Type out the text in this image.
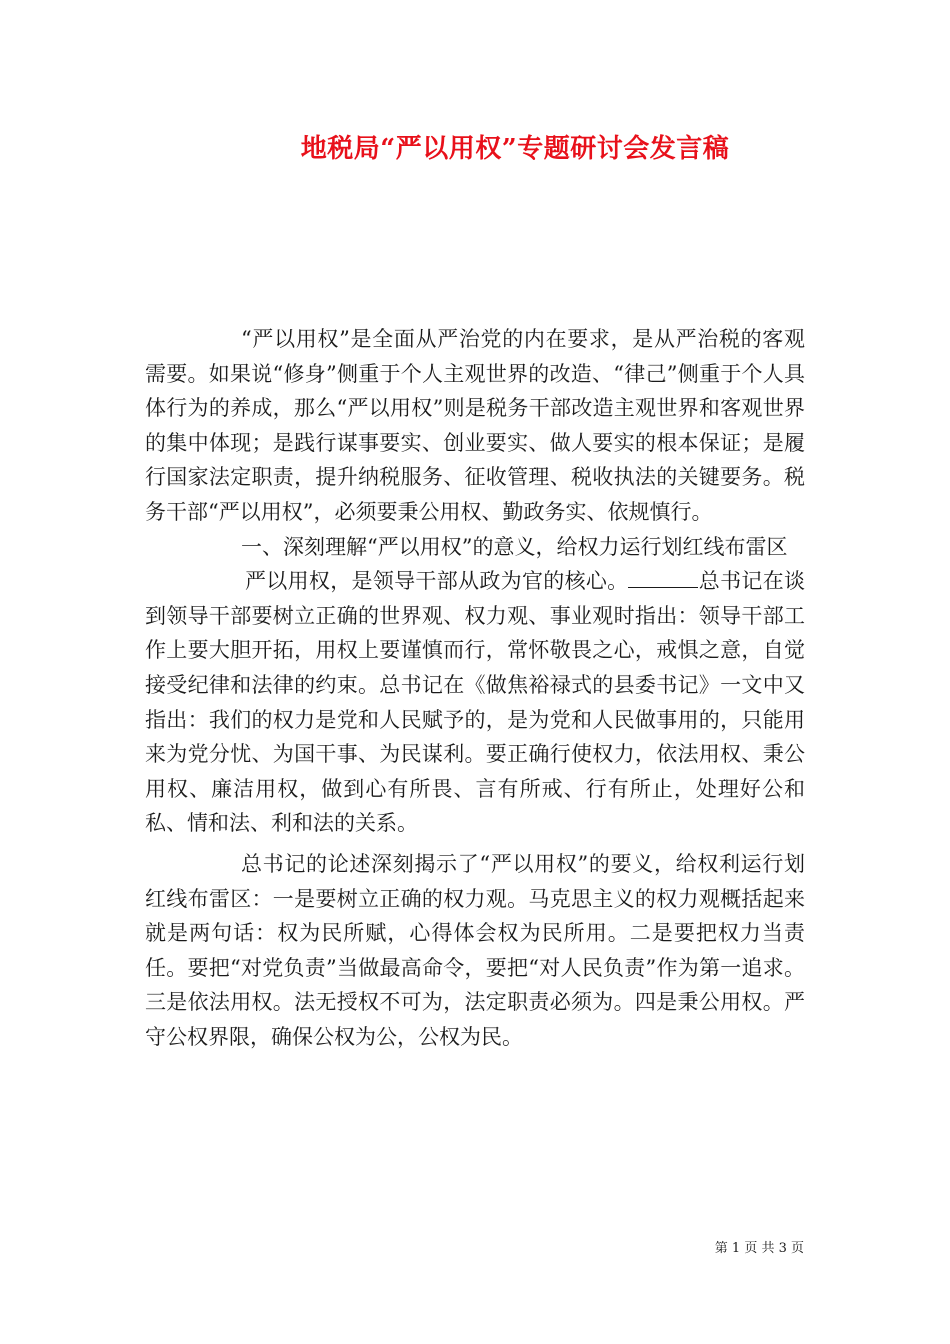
地税局“严以用权”专题研讨会发言稿

“严以用权”是全面从严治党的内在要求，是从严治税的客观需要。如果说“修身”侧重于个人主观世界的改造、“律己”侧重于个人具体行为的养成，那么“严以用权”则是税务干部改造主观世界和客观世界的集中体现；是践行谋事要实、创业要实、做人要实的根本保证；是履行国家法定职责，提升纳税服务、征收管理、税收执法的关键要务。税务干部“严以用权”，必须要秉公用权、勤政务实、依规慎行。

一、深刻理解“严以用权”的意义，给权力运行划红线布雷区

严以用权，是领导干部从政为官的核心。	总书记在谈到领导干部要树立正确的世界观、权力观、事业观时指出：领导干部工作上要大胆开拓，用权上要谨慎而行，常怀敬畏之心，戒惧之意，自觉接受纪律和法律的约束。总书记在《做焦裕禄式的县委书记》一文中又指出：我们的权力是党和人民赋予的，是为党和人民做事用的，只能用来为党分忧、为国干事、为民谋利。要正确行使权力，依法用权、秉公用权、廉洁用权，做到心有所畏、言有所戒、行有所止，处理好公和私、情和法、利和法的关系。

总书记的论述深刻揭示了“严以用权”的要义，给权利运行划红线布雷区：一是要树立正确的权力观。马克思主义的权力观概括起来就是两句话：权为民所赋，心得体会权为民所用。二是要把权力当责任。要把“对党负责”当做最高命令，要把“对人民负责”作为第一追求。三是依法用权。法无授权不可为，法定职责必须为。四是秉公用权。严守公权界限，确保公权为公，公权为民。

第 1 页 共 3 页
